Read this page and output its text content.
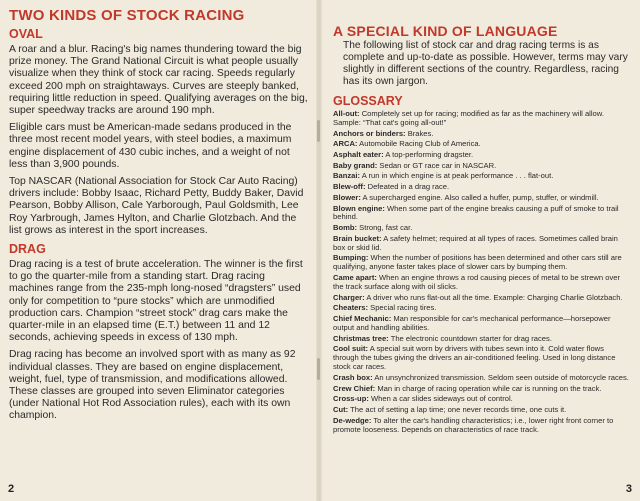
TWO KINDS OF STOCK RACING
OVAL

A roar and a blur. Racing's big names thundering toward the big prize money. The Grand National Circuit is what people usually visualize when they think of stock car racing. Speeds regularly exceed 200 mph on straightaways. Curves are steeply banked, requiring little reduction in speed. Qualifying averages on the big, super speedway tracks are around 190 mph.

Eligible cars must be American-made sedans produced in the three most recent model years, with steel bodies, a maximum engine displacement of 430 cubic inches, and a weight of not less than 3,900 pounds.

Top NASCAR (National Association for Stock Car Auto Racing) drivers include: Bobby Isaac, Richard Petty, Buddy Baker, David Pearson, Bobby Allison, Cale Yarborough, Paul Goldsmith, Lee Roy Yarbrough, James Hylton, and Charlie Glotzbach. And the list grows as interest in the sport increases.

DRAG

Drag racing is a test of brute acceleration. The winner is the first to go the quarter-mile from a standing start. Drag racing machines range from the 235-mph long-nosed “dragsters” used only for competition to “pure stocks” which are unmodified production cars. Champion “street stock” drag cars make the quarter-mile in an elapsed time (E.T.) between 11 and 12 seconds, achieving speeds in excess of 130 mph.

Drag racing has become an involved sport with as many as 92 individual classes. They are based on engine displacement, weight, fuel, type of transmission, and modifications allowed. These classes are grouped into seven Eliminator categories (under National Hot Rod Association rules), each with its own champion.

2
A SPECIAL KIND OF LANGUAGE

The following list of stock car and drag racing terms is as complete and up-to-date as possible. However, terms may vary slightly in different sections of the country. Regardless, racing has its own jargon.

GLOSSARY
All-out: Completely set up for racing; modified as far as the machinery will allow. Sample: “That cat's going all-out!”
Anchors or binders: Brakes.
ARCA: Automobile Racing Club of America.
Asphalt eater: A top-performing dragster.
Baby grand: Sedan or GT race car in NASCAR.
Banzai: A run in which engine is at peak performance . . . flat-out.
Blew-off: Defeated in a drag race.
Blower: A supercharged engine. Also called a huffer, pump, stuffer, or windmill.
Blown engine: When some part of the engine breaks causing a puff of smoke to trail behind.
Bomb: Strong, fast car.
Brain bucket: A safety helmet; required at all types of races. Sometimes called brain box or skid lid.
Bumping: When the number of positions has been determined and other cars still are qualifying, anyone faster takes place of slower cars by bumping them.
Came apart: When an engine throws a rod causing pieces of metal to be strewn over the track surface along with oil slicks.
Charger: A driver who runs flat-out all the time. Example: Charging Charlie Glotzbach.
Cheaters: Special racing tires.
Chief Mechanic: Man responsible for car's mechanical performance—horsepower output and handling abilities.
Christmas tree: The electronic countdown starter for drag races.
Cool suit: A special suit worn by drivers with tubes sewn into it. Cold water flows through the tubes giving the drivers an air-conditioned feeling. Used in long distance stock car races.
Crash box: An unsynchronized transmission. Seldom seen outside of motorcycle races.
Crew Chief: Man in charge of racing operation while car is running on the track.
Cross-up: When a car slides sideways out of control.
Cut: The act of setting a lap time; one never records time, one cuts it.
De-wedge: To alter the car's handling characteristics; i.e., lower right front corner to promote looseness. Depends on characteristics of race track.
3
